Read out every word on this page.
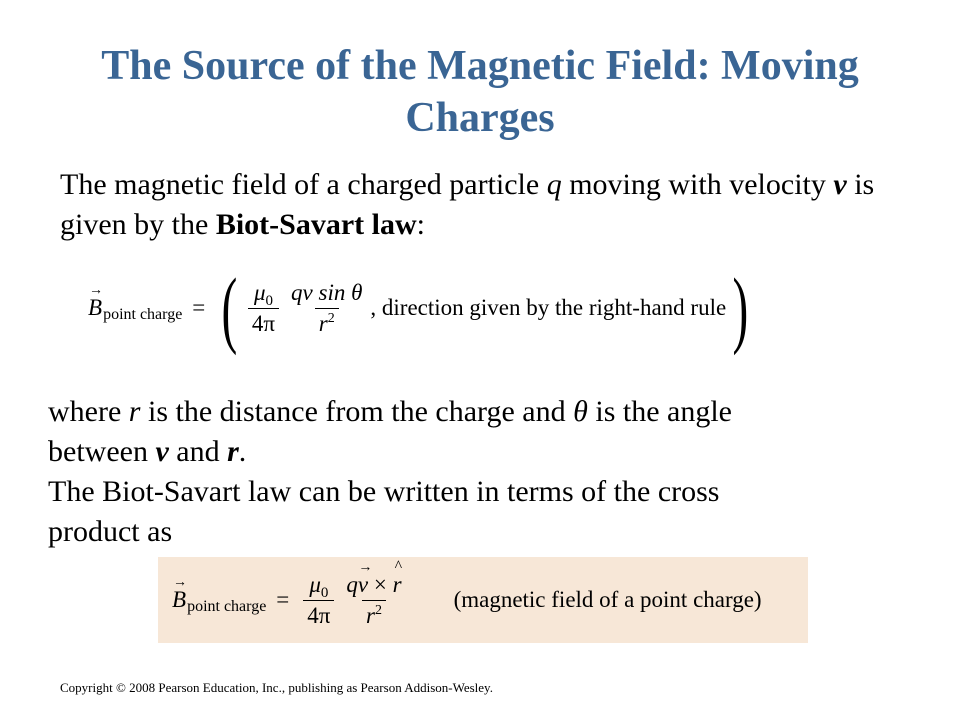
The Source of the Magnetic Field: Moving Charges
The magnetic field of a charged particle q moving with velocity v is given by the Biot-Savart law:
→
B point charge = ( $\frac{\mu_0}{4\pi} \frac{\text{qv sin θ}}{r^2}$ , direction given by the right-hand rule )
where r is the distance from the charge and θ is the angle
between v and r.
The Biot-Savart law can be written in terms of the cross
product as
→
B point charge = $\frac{\mu_0}{4\pi}$ qv
→
×
^
r
$r^2$ (magnetic field of a point charge)
Copyright © 2008 Pearson Education, Inc., publishing as Pearson Addison-Wesley.
